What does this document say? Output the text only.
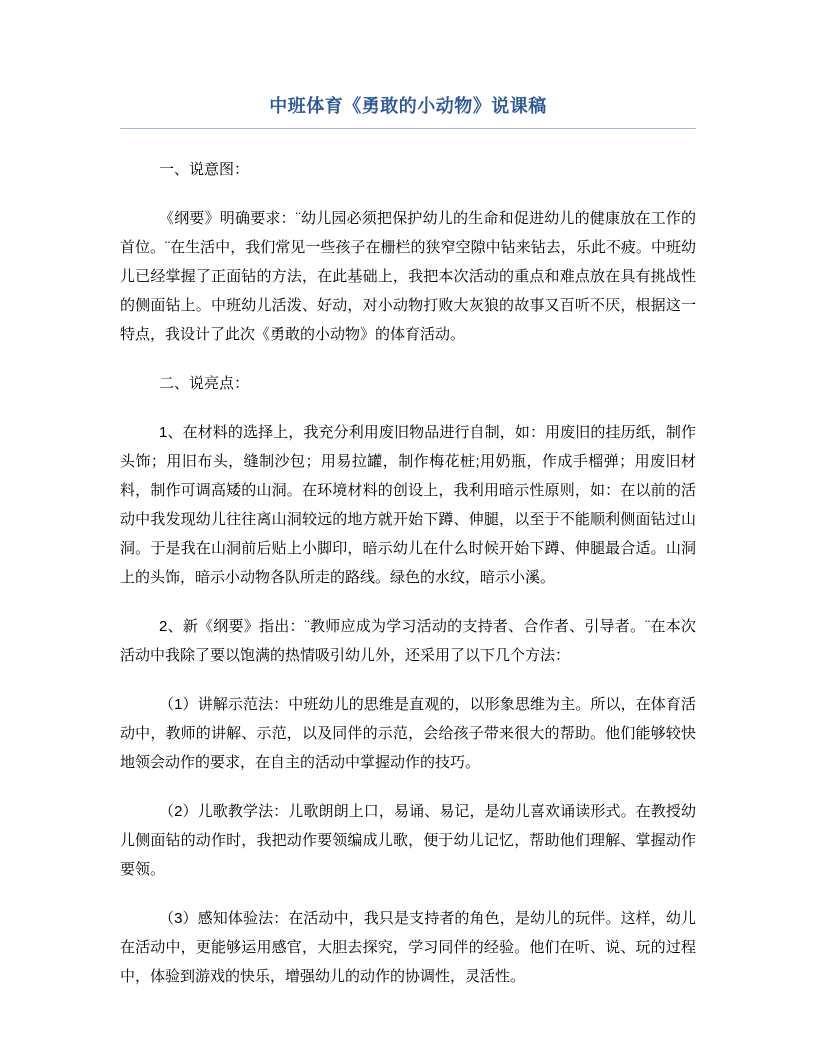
中班体育《勇敢的小动物》说课稿

一、说意图：

《纲要》明确要求：¨幼儿园必须把保护幼儿的生命和促进幼儿的健康放在工作的首位。¨在生活中，我们常见一些孩子在栅栏的狭窄空隙中钻来钻去，乐此不疲。中班幼儿已经掌握了正面钻的方法，在此基础上，我把本次活动的重点和难点放在具有挑战性的侧面钻上。中班幼儿活泼、好动，对小动物打败大灰狼的故事又百听不厌，根据这一特点，我设计了此次《勇敢的小动物》的体育活动。

二、说亮点：

1、在材料的选择上，我充分利用废旧物品进行自制，如：用废旧的挂历纸，制作头饰；用旧布头，缝制沙包；用易拉罐，制作梅花桩;用奶瓶，作成手榴弹；用废旧材料，制作可调高矮的山洞。在环境材料的创设上，我利用暗示性原则，如：在以前的活动中我发现幼儿往往离山洞较远的地方就开始下蹲、伸腿，以至于不能顺利侧面钻过山洞。于是我在山洞前后贴上小脚印，暗示幼儿在什么时候开始下蹲、伸腿最合适。山洞上的头饰，暗示小动物各队所走的路线。绿色的水纹，暗示小溪。

2、新《纲要》指出：¨教师应成为学习活动的支持者、合作者、引导者。¨在本次活动中我除了要以饱满的热情吸引幼儿外，还采用了以下几个方法：

（1）讲解示范法：中班幼儿的思维是直观的，以形象思维为主。所以，在体育活动中，教师的讲解、示范，以及同伴的示范，会给孩子带来很大的帮助。他们能够较快地领会动作的要求，在自主的活动中掌握动作的技巧。

（2）儿歌教学法：儿歌朗朗上口，易诵、易记，是幼儿喜欢诵读形式。在教授幼儿侧面钻的动作时，我把动作要领编成儿歌，便于幼儿记忆，帮助他们理解、掌握动作要领。

（3）感知体验法：在活动中，我只是支持者的角色，是幼儿的玩伴。这样，幼儿在活动中，更能够运用感官，大胆去探究，学习同伴的经验。他们在听、说、玩的过程中，体验到游戏的快乐，增强幼儿的动作的协调性，灵活性。
